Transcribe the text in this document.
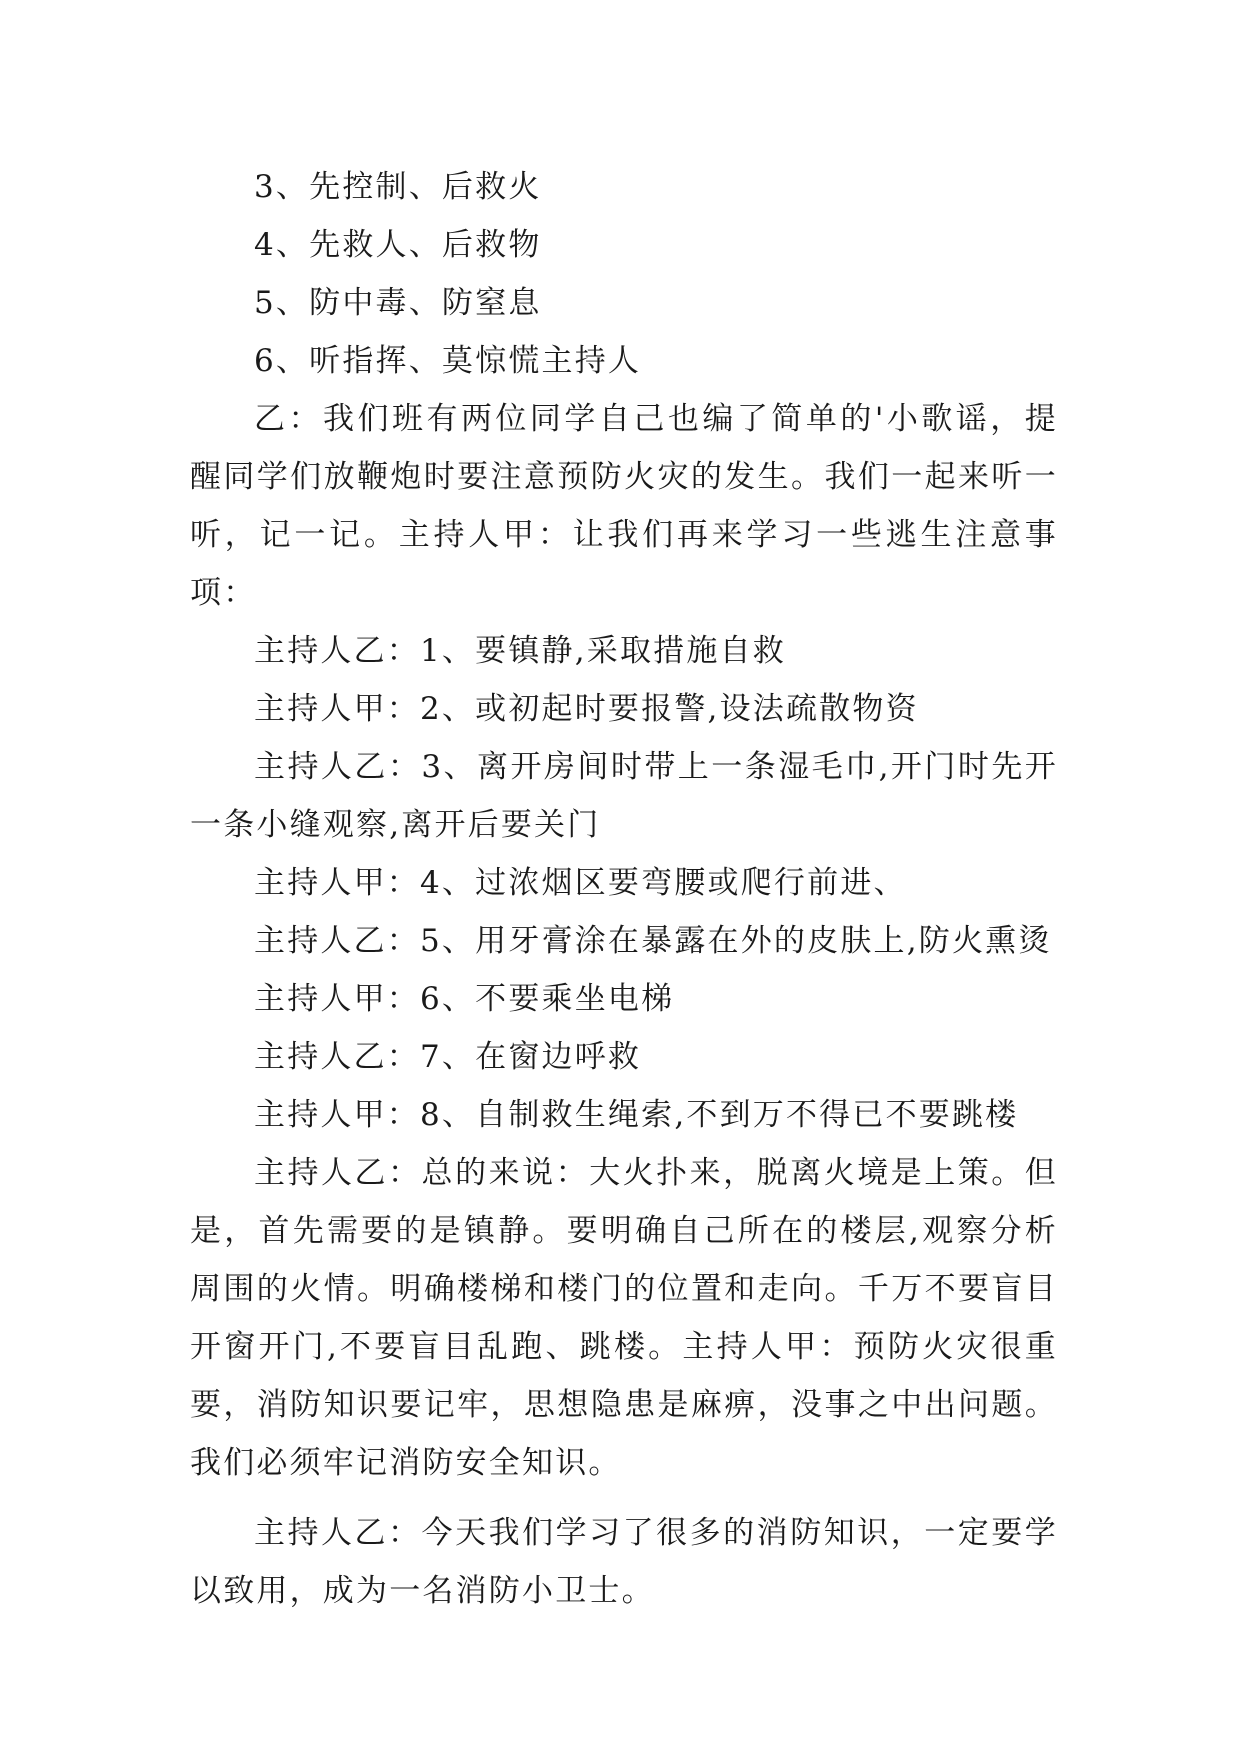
3、先控制、后救火

4、先救人、后救物

5、防中毒、防窒息

6、听指挥、莫惊慌主持人

乙：我们班有两位同学自己也编了简单的'小歌谣，提醒同学们放鞭炮时要注意预防火灾的发生。我们一起来听一听，记一记。主持人甲：让我们再来学习一些逃生注意事项：

主持人乙：1、要镇静,采取措施自救

主持人甲：2、或初起时要报警,设法疏散物资

主持人乙：3、离开房间时带上一条湿毛巾,开门时先开一条小缝观察,离开后要关门

主持人甲：4、过浓烟区要弯腰或爬行前进、

主持人乙：5、用牙膏涂在暴露在外的皮肤上,防火熏烫

主持人甲：6、不要乘坐电梯

主持人乙：7、在窗边呼救

主持人甲：8、自制救生绳索,不到万不得已不要跳楼

主持人乙：总的来说：大火扑来，脱离火境是上策。但是，首先需要的是镇静。要明确自己所在的楼层,观察分析周围的火情。明确楼梯和楼门的位置和走向。千万不要盲目开窗开门,不要盲目乱跑、跳楼。主持人甲：预防火灾很重要，消防知识要记牢，思想隐患是麻痹，没事之中出问题。我们必须牢记消防安全知识。

主持人乙：今天我们学习了很多的消防知识，一定要学以致用，成为一名消防小卫士。
